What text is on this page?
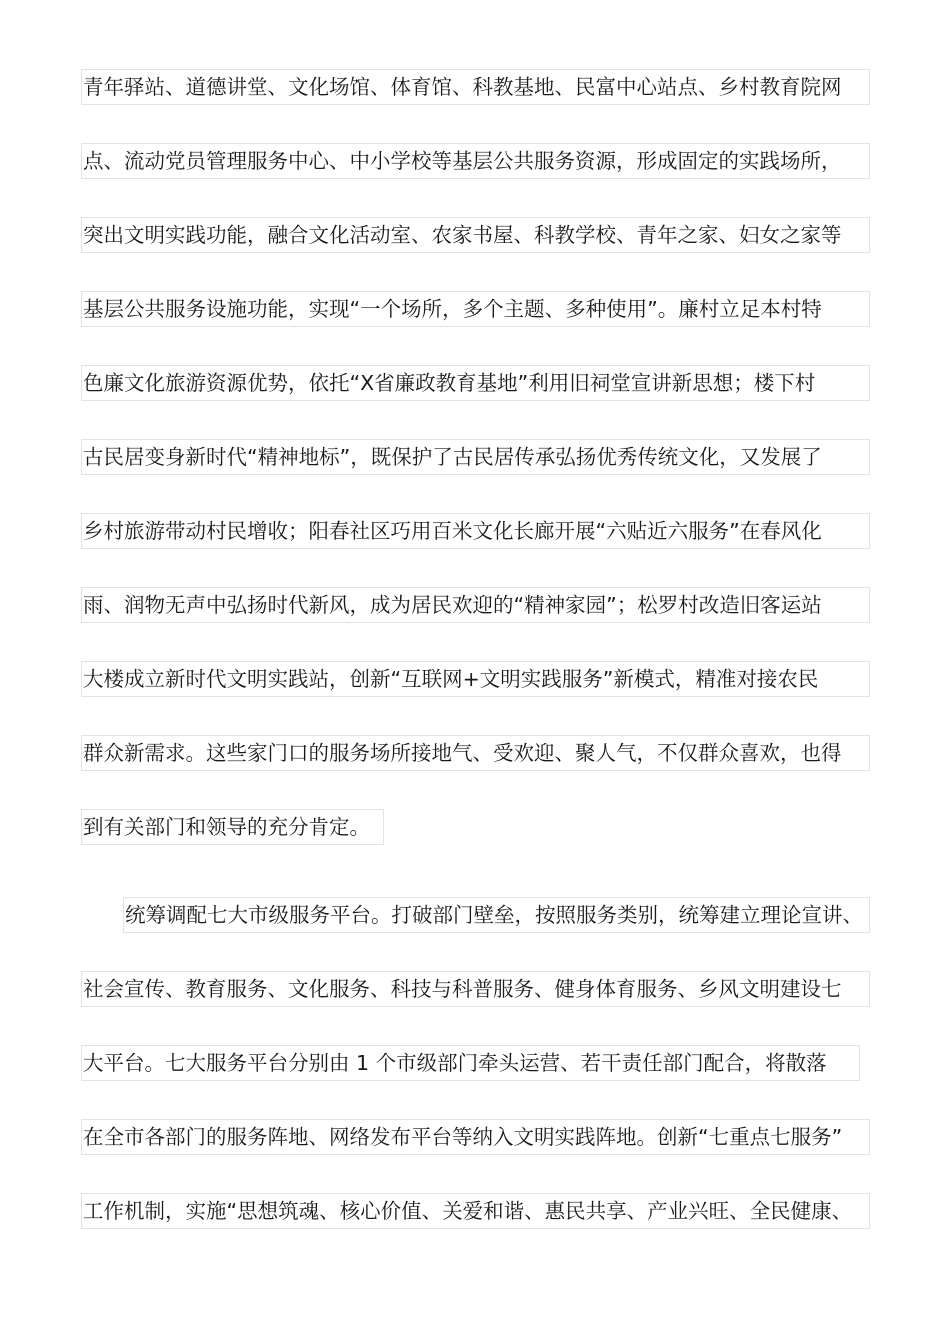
青年驿站、道德讲堂、文化场馆、体育馆、科教基地、民富中心站点、乡村教育院网
点、流动党员管理服务中心、中小学校等基层公共服务资源，形成固定的实践场所，
突出文明实践功能，融合文化活动室、农家书屋、科教学校、青年之家、妇女之家等
基层公共服务设施功能，实现“一个场所，多个主题、多种使用”。廉村立足本村特
色廉文化旅游资源优势，依托“X省廉政教育基地”利用旧祠堂宣讲新思想；楼下村
古民居变身新时代“精神地标”，既保护了古民居传承弘扬优秀传统文化，又发展了
乡村旅游带动村民增收；阳春社区巧用百米文化长廊开展“六贴近六服务”在春风化
雨、润物无声中弘扬时代新风，成为居民欢迎的“精神家园”；松罗村改造旧客运站
大楼成立新时代文明实践站，创新“互联网+文明实践服务”新模式，精准对接农民
群众新需求。这些家门口的服务场所接地气、受欢迎、聚人气，不仅群众喜欢，也得
到有关部门和领导的充分肯定。
统筹调配七大市级服务平台。打破部门壁垒，按照服务类别，统筹建立理论宣讲、
社会宣传、教育服务、文化服务、科技与科普服务、健身体育服务、乡风文明建设七
大平台。七大服务平台分别由 1 个市级部门牵头运营、若干责任部门配合，将散落
在全市各部门的服务阵地、网络发布平台等纳入文明实践阵地。创新“七重点七服务”
工作机制，实施“思想筑魂、核心价值、关爱和谐、惠民共享、产业兴旺、全民健康、
